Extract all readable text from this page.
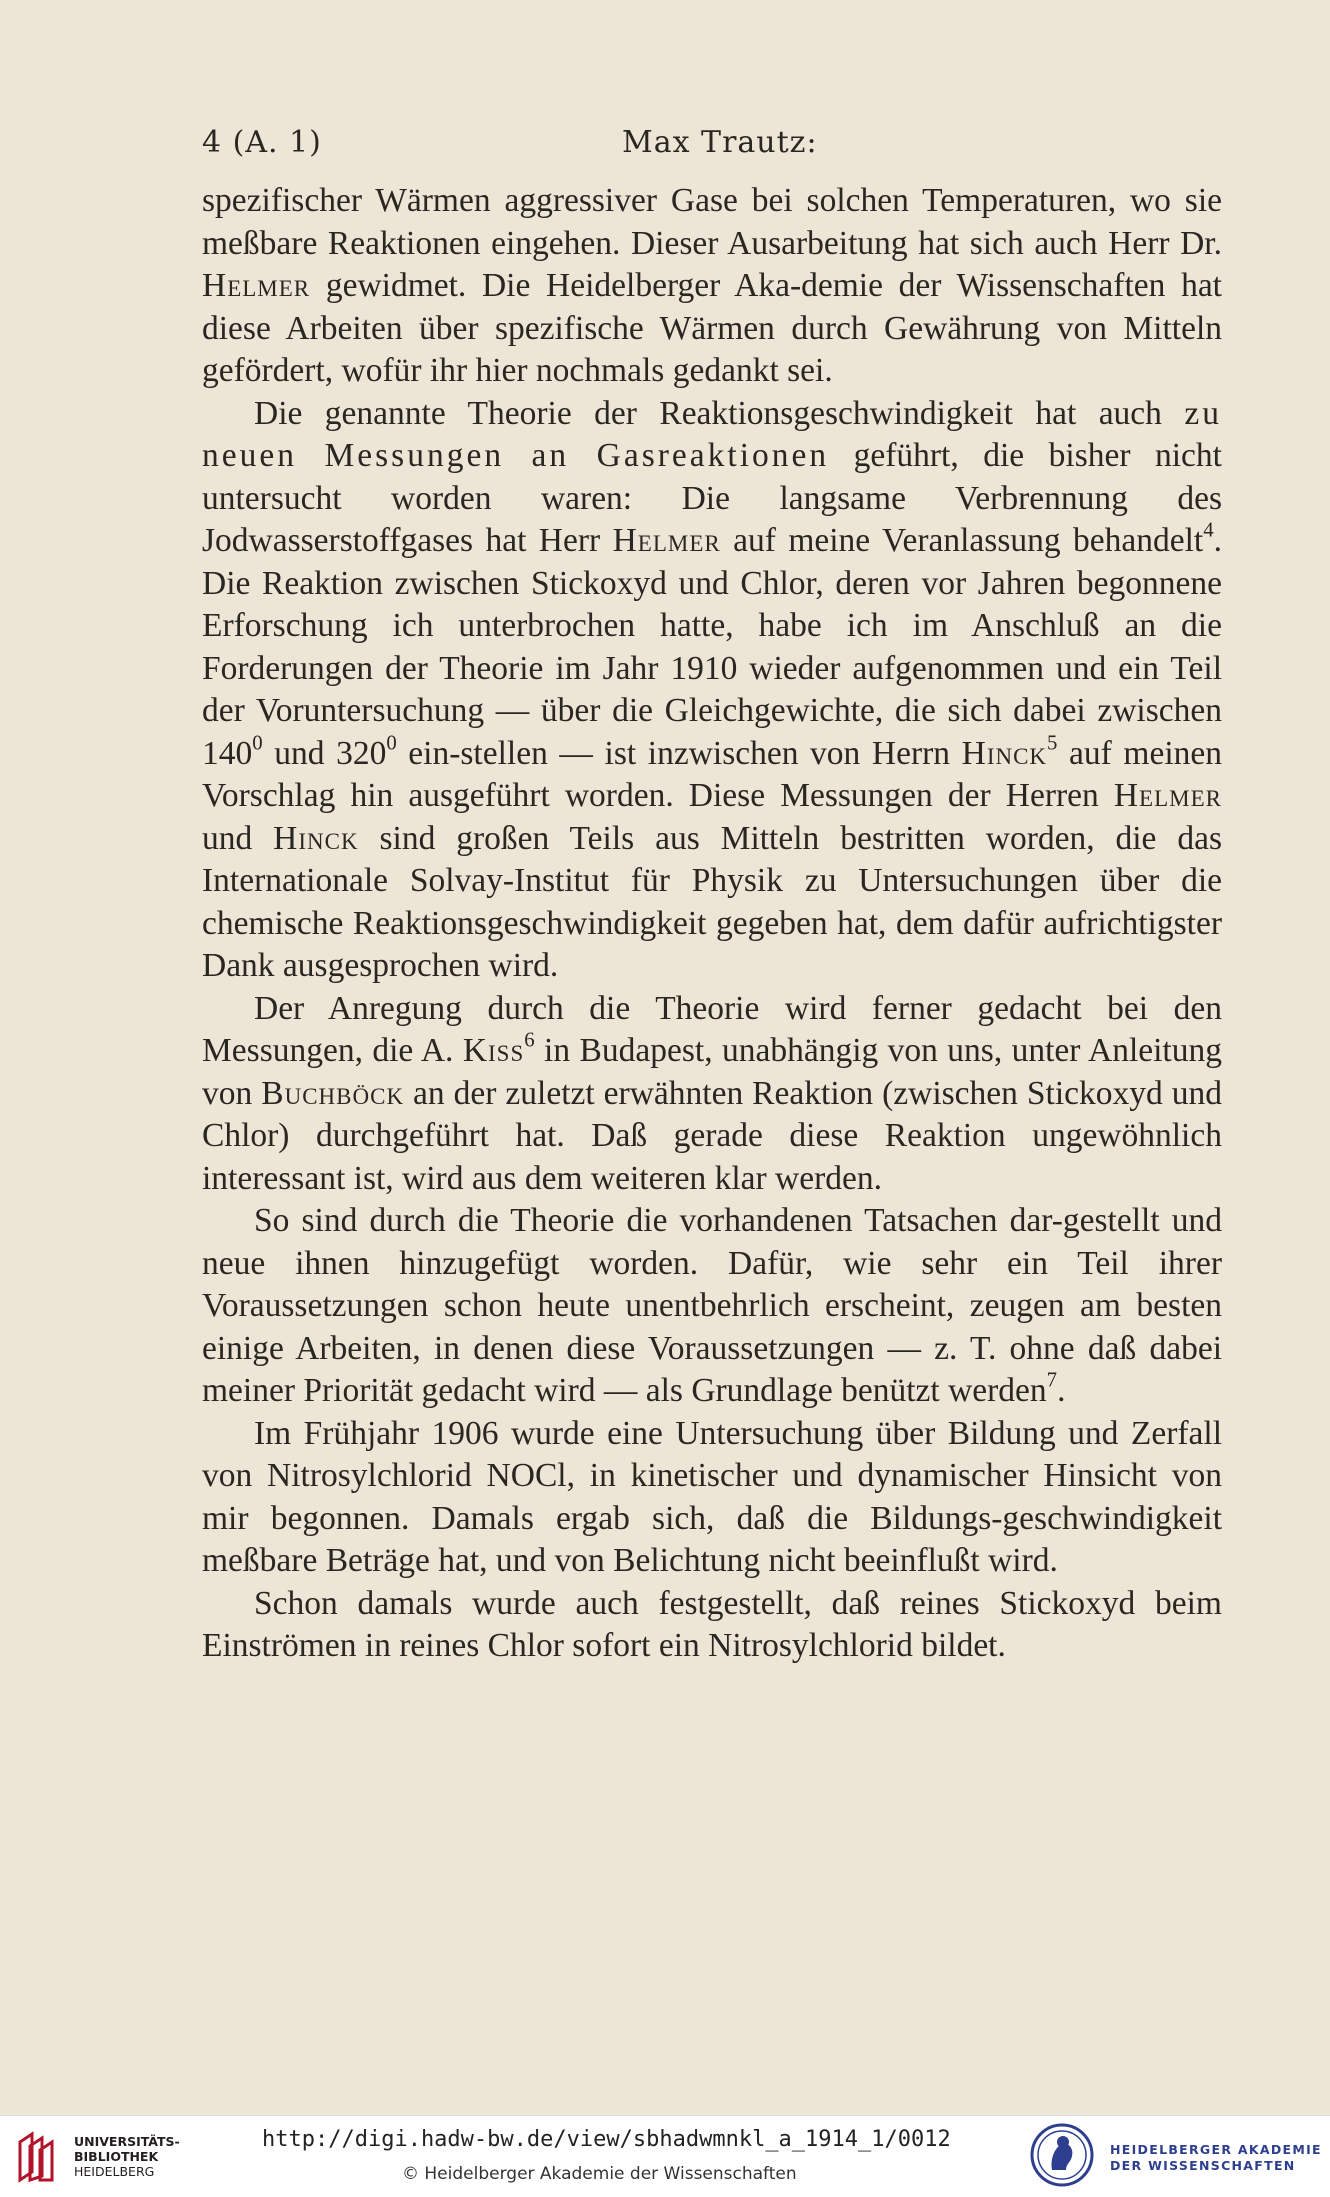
4 (A. 1)	Max Trautz:

spezifischer Wärmen aggressiver Gase bei solchen Temperaturen, wo sie meßbare Reaktionen eingehen. Dieser Ausarbeitung hat sich auch Herr Dr. Helmer gewidmet. Die Heidelberger Aka-demie der Wissenschaften hat diese Arbeiten über spezifische Wärmen durch Gewährung von Mitteln gefördert, wofür ihr hier nochmals gedankt sei.

Die genannte Theorie der Reaktionsgeschwindigkeit hat auch zu neuen Messungen an Gasreaktionen geführt, die bisher nicht untersucht worden waren: Die langsame Verbrennung des Jodwasserstoffgases hat Herr Helmer auf meine Veranlassung behandelt$^4$. Die Reaktion zwischen Stickoxyd und Chlor, deren vor Jahren begonnene Erforschung ich unterbrochen hatte, habe ich im Anschluß an die Forderungen der Theorie im Jahr 1910 wieder aufgenommen und ein Teil der Voruntersuchung — über die Gleichgewichte, die sich dabei zwischen $140^0$ und $320^0$ ein-stellen — ist inzwischen von Herrn Hinck$^5$ auf meinen Vorschlag hin ausgeführt worden. Diese Messungen der Herren Helmer und Hinck sind großen Teils aus Mitteln bestritten worden, die das Internationale Solvay-Institut für Physik zu Untersuchungen über die chemische Reaktionsgeschwindigkeit gegeben hat, dem dafür aufrichtigster Dank ausgesprochen wird.

Der Anregung durch die Theorie wird ferner gedacht bei den Messungen, die A. Kiss$^6$ in Budapest, unabhängig von uns, unter Anleitung von Buchböck an der zuletzt erwähnten Reaktion (zwischen Stickoxyd und Chlor) durchgeführt hat. Daß gerade diese Reaktion ungewöhnlich interessant ist, wird aus dem weiteren klar werden.

So sind durch die Theorie die vorhandenen Tatsachen dar-gestellt und neue ihnen hinzugefügt worden. Dafür, wie sehr ein Teil ihrer Voraussetzungen schon heute unentbehrlich erscheint, zeugen am besten einige Arbeiten, in denen diese Voraussetzungen — z. T. ohne daß dabei meiner Priorität gedacht wird — als Grundlage benützt werden$^7$.

Im Frühjahr 1906 wurde eine Untersuchung über Bildung und Zerfall von Nitrosylchlorid NOCl, in kinetischer und dynamischer Hinsicht von mir begonnen. Damals ergab sich, daß die Bildungs-geschwindigkeit meßbare Beträge hat, und von Belichtung nicht beeinflußt wird.

Schon damals wurde auch festgestellt, daß reines Stickoxyd beim Einströmen in reines Chlor sofort ein Nitrosylchlorid bildet.

UNIVERSITÄTS-
BIBLIOTHEK
HEIDELBERG
http://digi.hadw-bw.de/view/sbhadwmnkl_a_1914_1/0012
© Heidelberger Akademie der Wissenschaften
HEIDELBERGER AKADEMIE
DER WISSENSCHAFTEN
